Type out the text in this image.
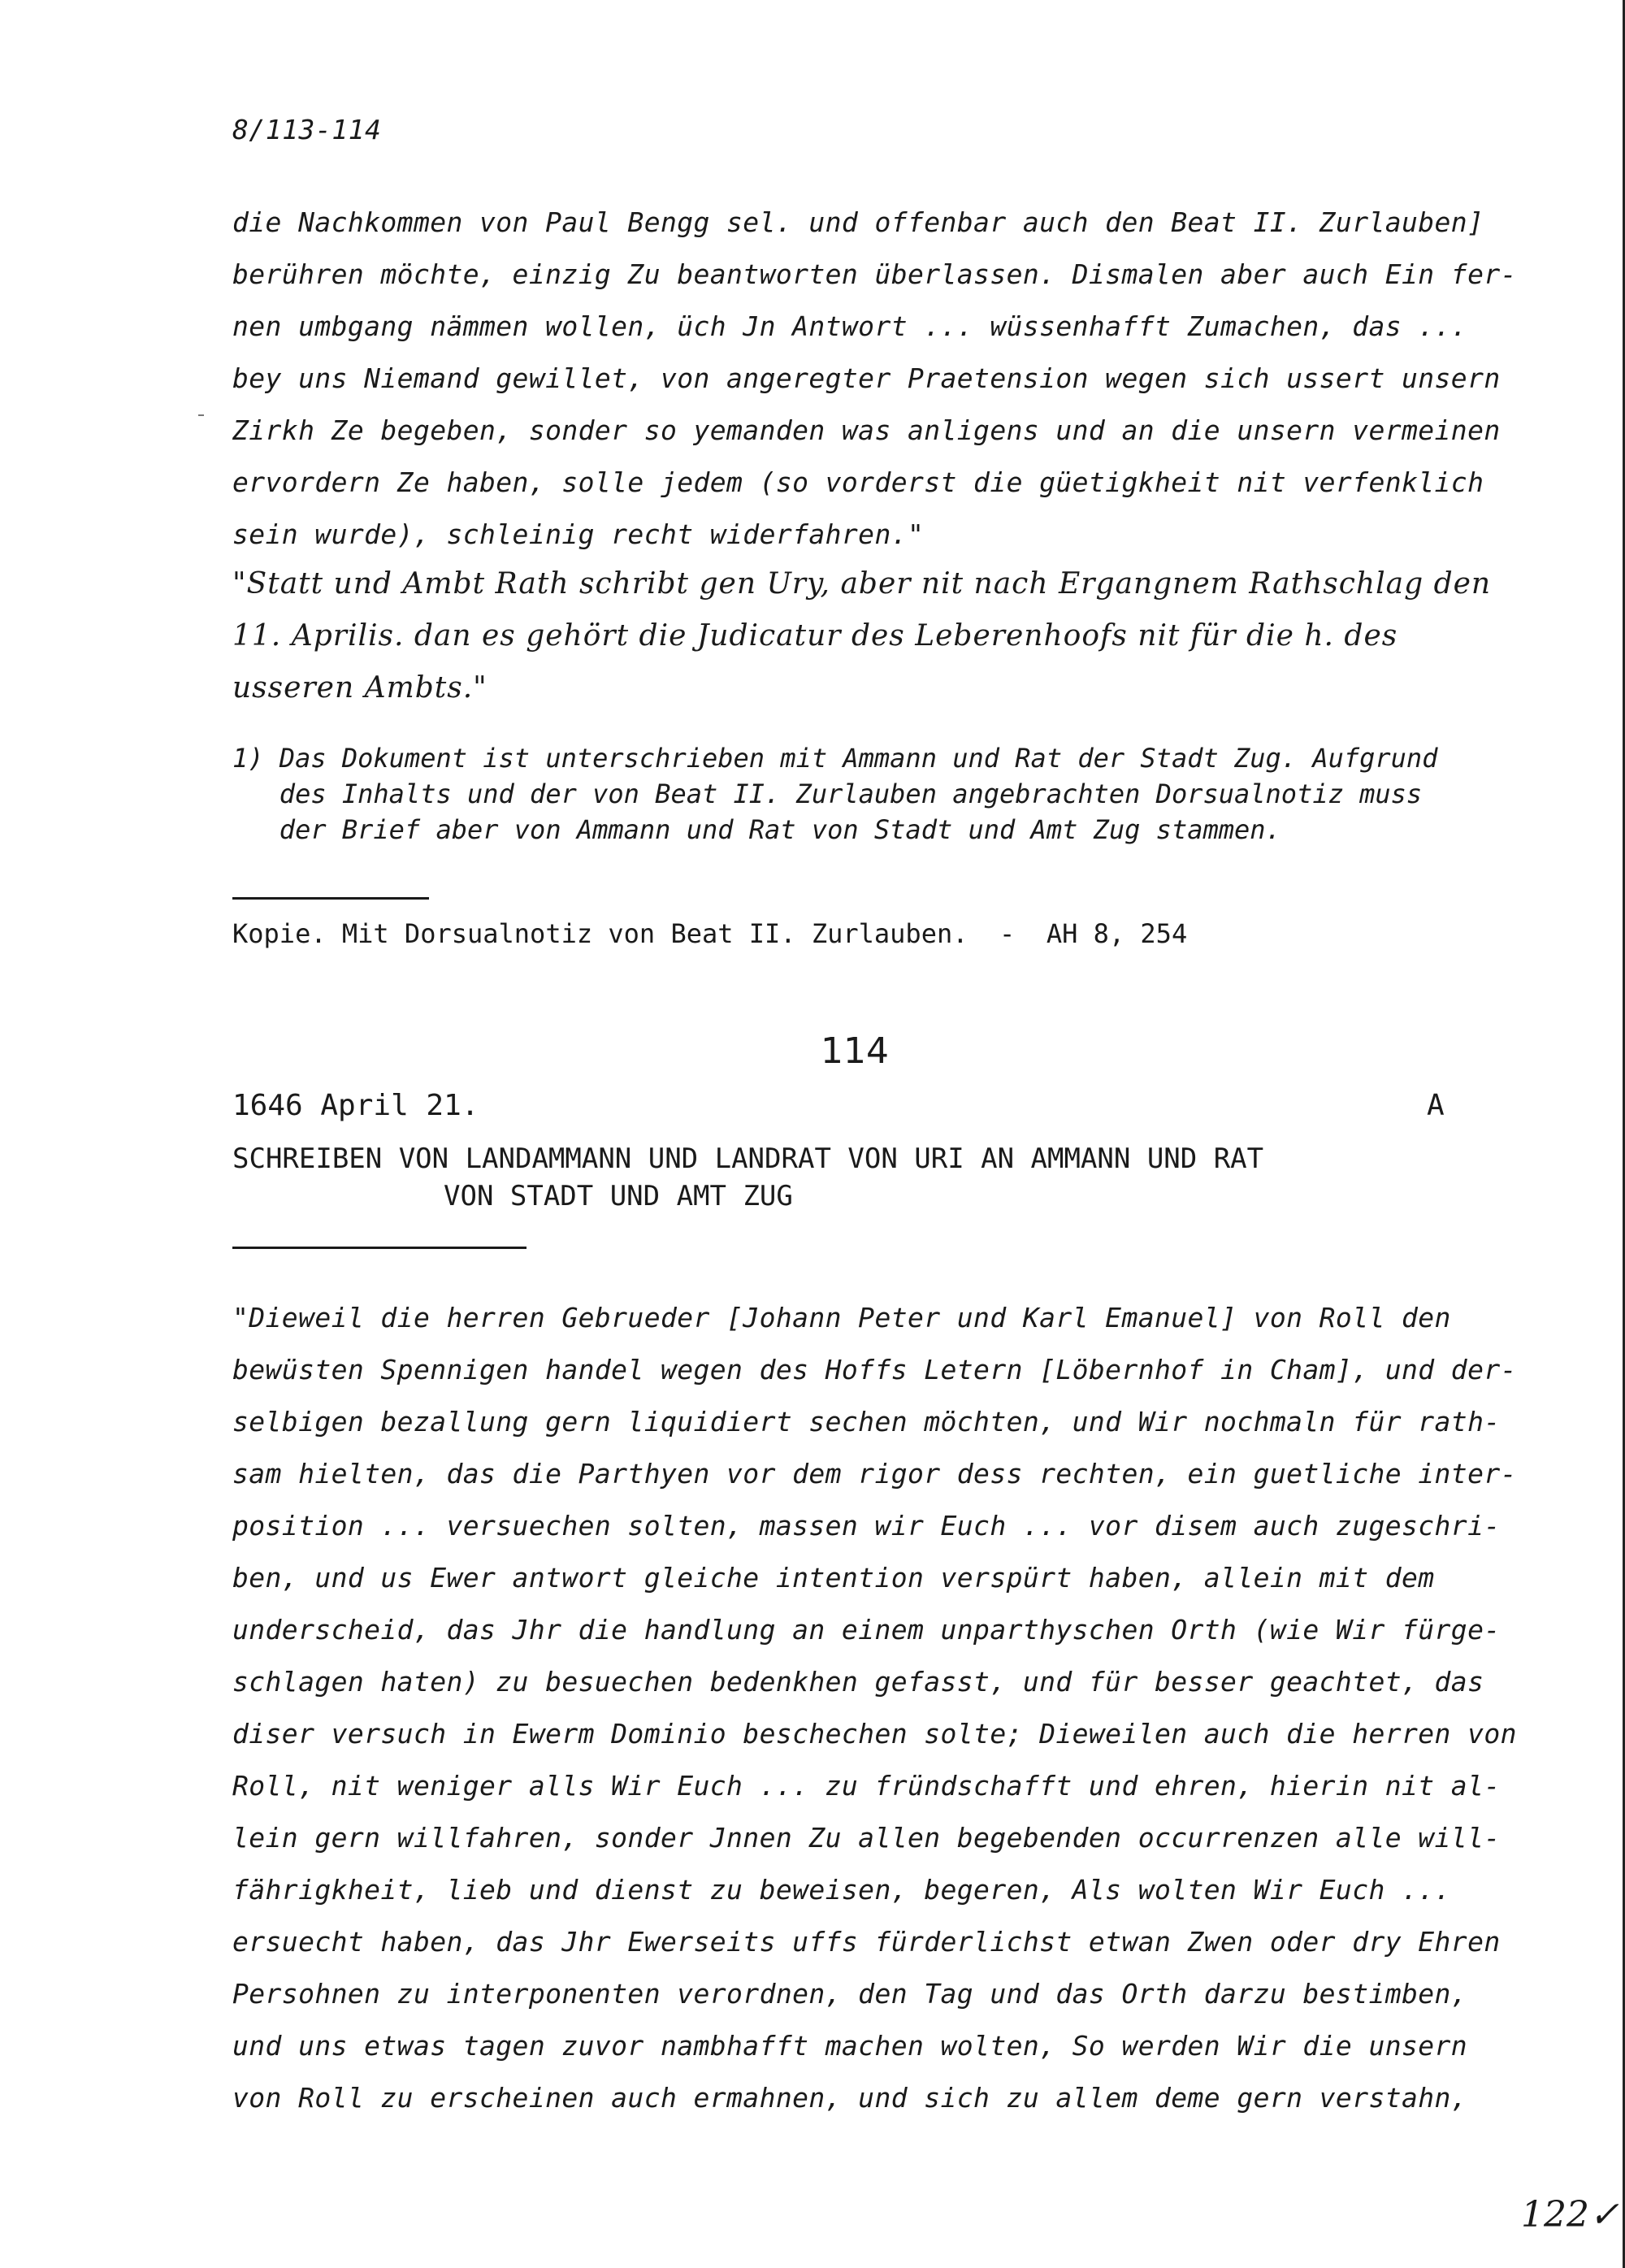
8/113-114
die Nachkommen von Paul Bengg sel. und offenbar auch den Beat II. Zurlauben]
berühren möchte, einzig Zu beantworten überlassen. Dismalen aber auch Ein fer-
nen umbgang nämmen wollen, üch Jn Antwort ... wüssenhafft Zumachen, das ...
bey uns Niemand gewillet, von angeregter Praetension wegen sich ussert unsern
Zirkh Ze begeben, sonder so yemanden was anligens und an die unsern vermeinen
ervordern Ze haben, solle jedem (so vorderst die güetigkheit nit verfenklich
sein wurde), schleinig recht widerfahren."
"Statt und Ambt Rath schribt gen Ury, aber nit nach Ergangnem Rathschlag den
11. Aprilis. dan es gehört die Judicatur des Leberenhoofs nit für die h. des
usseren Ambts."
1) Das Dokument ist unterschrieben mit Ammann und Rat der Stadt Zug. Aufgrund
des Inhalts und der von Beat II. Zurlauben angebrachten Dorsualnotiz muss
der Brief aber von Ammann und Rat von Stadt und Amt Zug stammen.
Kopie. Mit Dorsualnotiz von Beat II. Zurlauben.  -  AH 8, 254
114
1646 April 21.	A
SCHREIBEN VON LANDAMMANN UND LANDRAT VON URI AN AMMANN UND RAT
VON STADT UND AMT ZUG
"Dieweil die herren Gebrueder [Johann Peter und Karl Emanuel] von Roll den
bewüsten Spennigen handel wegen des Hoffs Letern [Löbernhof in Cham], und der-
selbigen bezallung gern liquidiert sechen möchten, und Wir nochmaln für rath-
sam hielten, das die Parthyen vor dem rigor dess rechten, ein guetliche inter-
position ... versuechen solten, massen wir Euch ... vor disem auch zugeschri-
ben, und us Ewer antwort gleiche intention verspürt haben, allein mit dem
underscheid, das Jhr die handlung an einem unparthyschen Orth (wie Wir fürge-
schlagen haten) zu besuechen bedenkhen gefasst, und für besser geachtet, das
diser versuch in Ewerm Dominio beschechen solte; Dieweilen auch die herren von
Roll, nit weniger alls Wir Euch ... zu fründschafft und ehren, hierin nit al-
lein gern willfahren, sonder Jnnen Zu allen begebenden occurrenzen alle will-
fährigkheit, lieb und dienst zu beweisen, begeren, Als wolten Wir Euch ...
ersuecht haben, das Jhr Ewerseits uffs fürderlichst etwan Zwen oder dry Ehren
Persohnen zu interponenten verordnen, den Tag und das Orth darzu bestimben,
und uns etwas tagen zuvor nambhafft machen wolten, So werden Wir die unsern
von Roll zu erscheinen auch ermahnen, und sich zu allem deme gern verstahn,
122✓
